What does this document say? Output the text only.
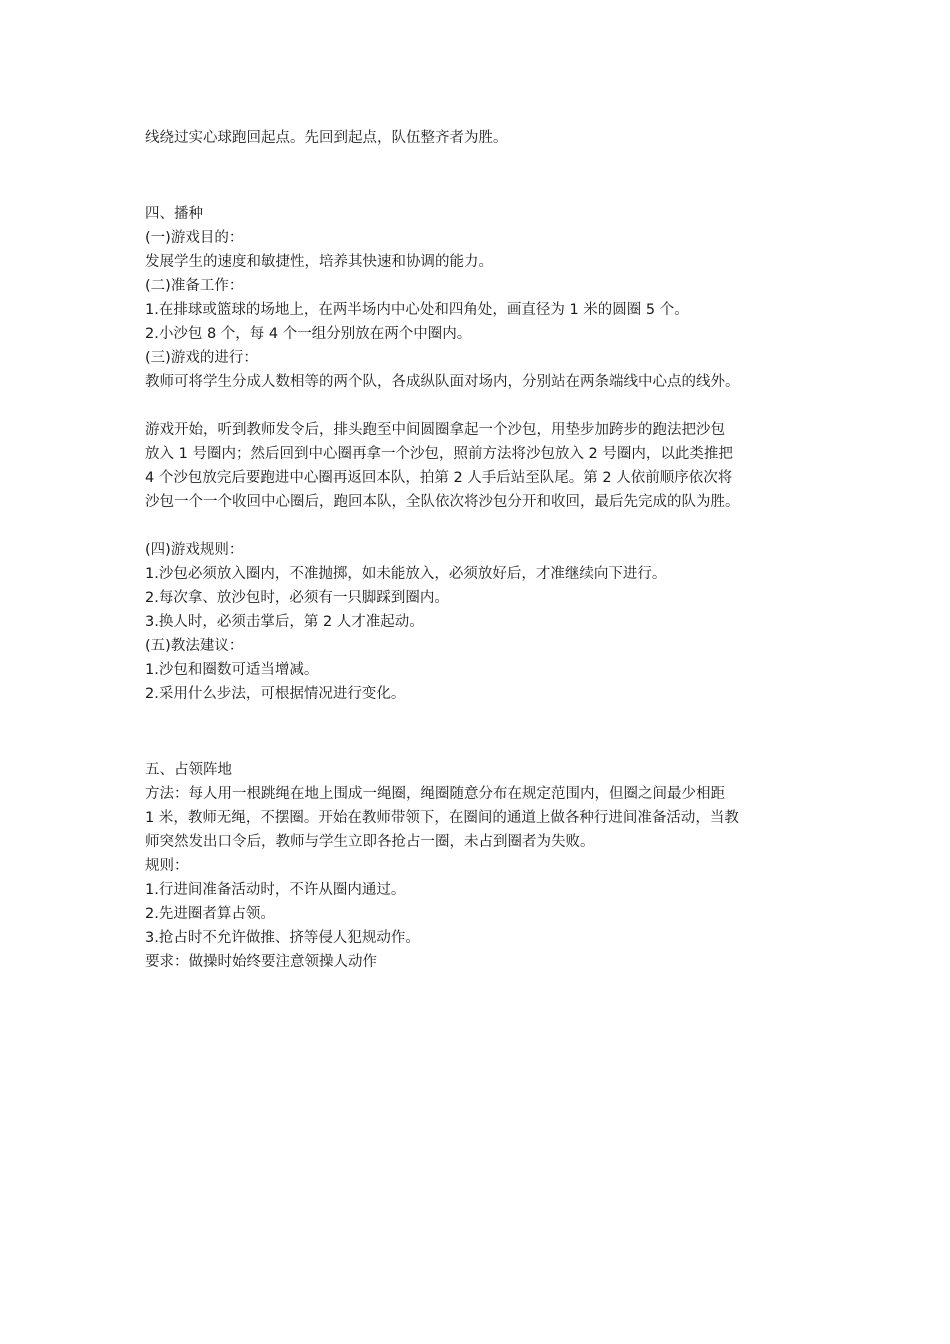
线绕过实心球跑回起点。先回到起点，队伍整齐者为胜。
四、播种
(一)游戏目的：
发展学生的速度和敏捷性，培养其快速和协调的能力。
(二)准备工作：
1.在排球或篮球的场地上，在两半场内中心处和四角处，画直径为 1 米的圆圈 5 个。
2.小沙包 8 个，每 4 个一组分别放在两个中圈内。
(三)游戏的进行：
教师可将学生分成人数相等的两个队，各成纵队面对场内，分别站在两条端线中心点的线外。
游戏开始，听到教师发令后，排头跑至中间圆圈拿起一个沙包，用垫步加跨步的跑法把沙包
放入 1 号圈内；然后回到中心圈再拿一个沙包，照前方法将沙包放入 2 号圈内，以此类推把
4 个沙包放完后要跑进中心圈再返回本队，拍第 2 人手后站至队尾。第 2 人依前顺序依次将
沙包一个一个收回中心圈后，跑回本队，全队依次将沙包分开和收回，最后先完成的队为胜。
(四)游戏规则：
1.沙包必须放入圈内，不准抛掷，如未能放入，必须放好后，才准继续向下进行。
2.每次拿、放沙包时，必须有一只脚踩到圈内。
3.换人时，必须击掌后，第 2 人才准起动。
(五)教法建议：
1.沙包和圈数可适当增减。
2.采用什么步法，可根据情况进行变化。
五、占领阵地
方法：每人用一根跳绳在地上围成一绳圈，绳圈随意分布在规定范围内，但圈之间最少相距
1 米，教师无绳，不摆圈。开始在教师带领下，在圈间的通道上做各种行进间准备活动，当教
师突然发出口令后，教师与学生立即各抢占一圈，未占到圈者为失败。
规则：
1.行进间准备活动时，不许从圈内通过。
2.先进圈者算占领。
3.抢占时不允许做推、挤等侵人犯规动作。
要求：做操时始终要注意领操人动作
